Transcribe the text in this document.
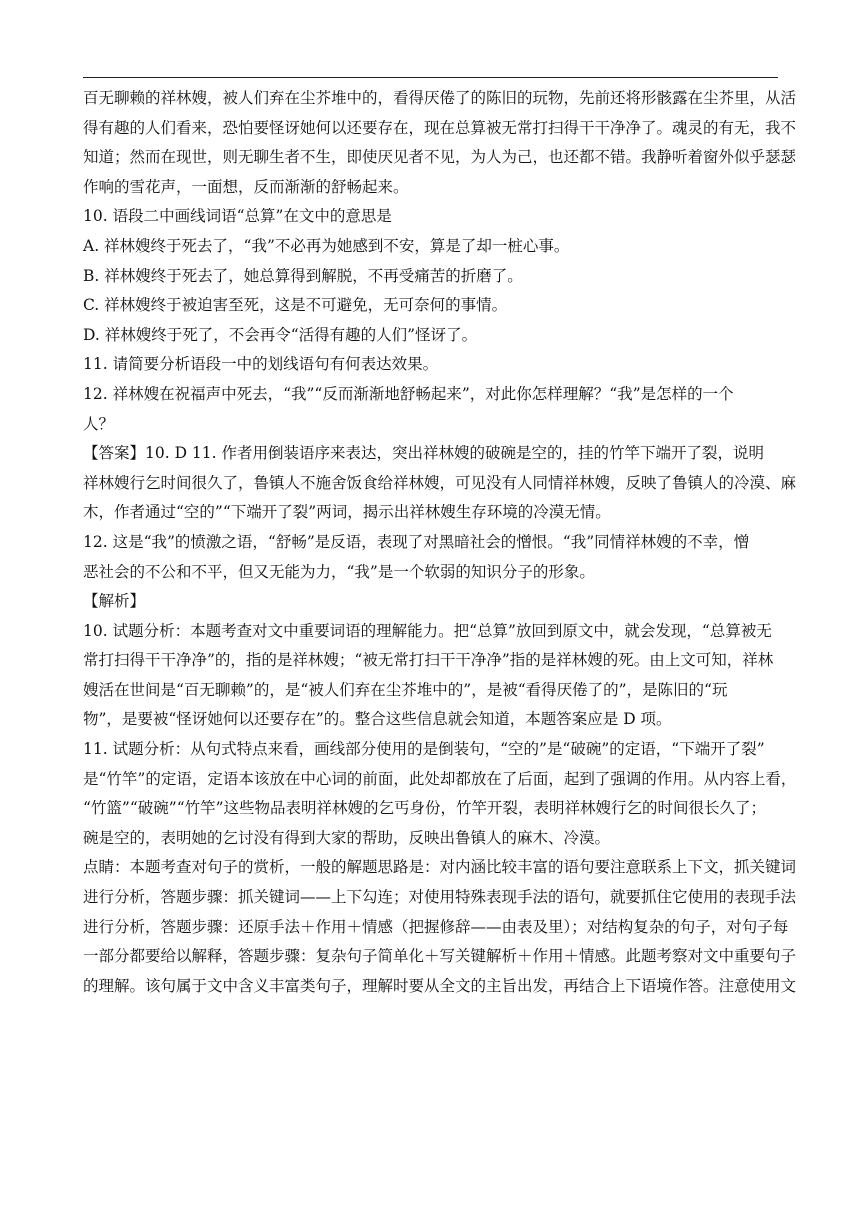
百无聊赖的祥林嫂，被人们弃在尘芥堆中的，看得厌倦了的陈旧的玩物，先前还将形骸露在尘芥里，从活
得有趣的人们看来，恐怕要怪讶她何以还要存在，现在总算被无常打扫得干干净净了。魂灵的有无，我不
知道；然而在现世，则无聊生者不生，即使厌见者不见，为人为己，也还都不错。我静听着窗外似乎瑟瑟
作响的雪花声，一面想，反而渐渐的舒畅起来。
10. 语段二中画线词语“总算”在文中的意思是
A. 祥林嫂终于死去了，“我”不必再为她感到不安，算是了却一桩心事。
B. 祥林嫂终于死去了，她总算得到解脱，不再受痛苦的折磨了。
C. 祥林嫂终于被迫害至死，这是不可避免，无可奈何的事情。
D. 祥林嫂终于死了，不会再令“活得有趣的人们”怪讶了。
11. 请简要分析语段一中的划线语句有何表达效果。
12. 祥林嫂在祝福声中死去，“我”“反而渐渐地舒畅起来”，对此你怎样理解？“我”是怎样的一个
人？
【答案】10. D 11. 作者用倒装语序来表达，突出祥林嫂的破碗是空的，挂的竹竿下端开了裂，说明
祥林嫂行乞时间很久了，鲁镇人不施舍饭食给祥林嫂，可见没有人同情祥林嫂，反映了鲁镇人的冷漠、麻
木，作者通过“空的”“下端开了裂”两词，揭示出祥林嫂生存环境的冷漠无情。
12. 这是“我”的愤激之语，“舒畅”是反语，表现了对黑暗社会的憎恨。“我”同情祥林嫂的不幸，憎
恶社会的不公和不平，但又无能为力，“我”是一个软弱的知识分子的形象。
【解析】
10. 试题分析：本题考查对文中重要词语的理解能力。把“总算”放回到原文中，就会发现，“总算被无
常打扫得干干净净”的，指的是祥林嫂；“被无常打扫干干净净”指的是祥林嫂的死。由上文可知，祥林
嫂活在世间是“百无聊赖”的，是“被人们弃在尘芥堆中的”，是被“看得厌倦了的”，是陈旧的“玩
物”，是要被“怪讶她何以还要存在”的。整合这些信息就会知道，本题答案应是 D 项。
11. 试题分析：从句式特点来看，画线部分使用的是倒装句，“空的”是“破碗”的定语，“下端开了裂”
是“竹竿”的定语，定语本该放在中心词的前面，此处却都放在了后面，起到了强调的作用。从内容上看，
“竹篮”“破碗”“竹竿”这些物品表明祥林嫂的乞丐身份，竹竿开裂，表明祥林嫂行乞的时间很长久了；
碗是空的，表明她的乞讨没有得到大家的帮助，反映出鲁镇人的麻木、冷漠。
点睛：本题考查对句子的赏析，一般的解题思路是：对内涵比较丰富的语句要注意联系上下文，抓关键词
进行分析，答题步骤：抓关键词——上下勾连；对使用特殊表现手法的语句，就要抓住它使用的表现手法
进行分析，答题步骤：还原手法＋作用＋情感（把握修辞——由表及里）；对结构复杂的句子，对句子每
一部分都要给以解释，答题步骤：复杂句子简单化＋写关键解析＋作用＋情感。此题考察对文中重要句子
的理解。该句属于文中含义丰富类句子，理解时要从全文的主旨出发，再结合上下语境作答。注意使用文
